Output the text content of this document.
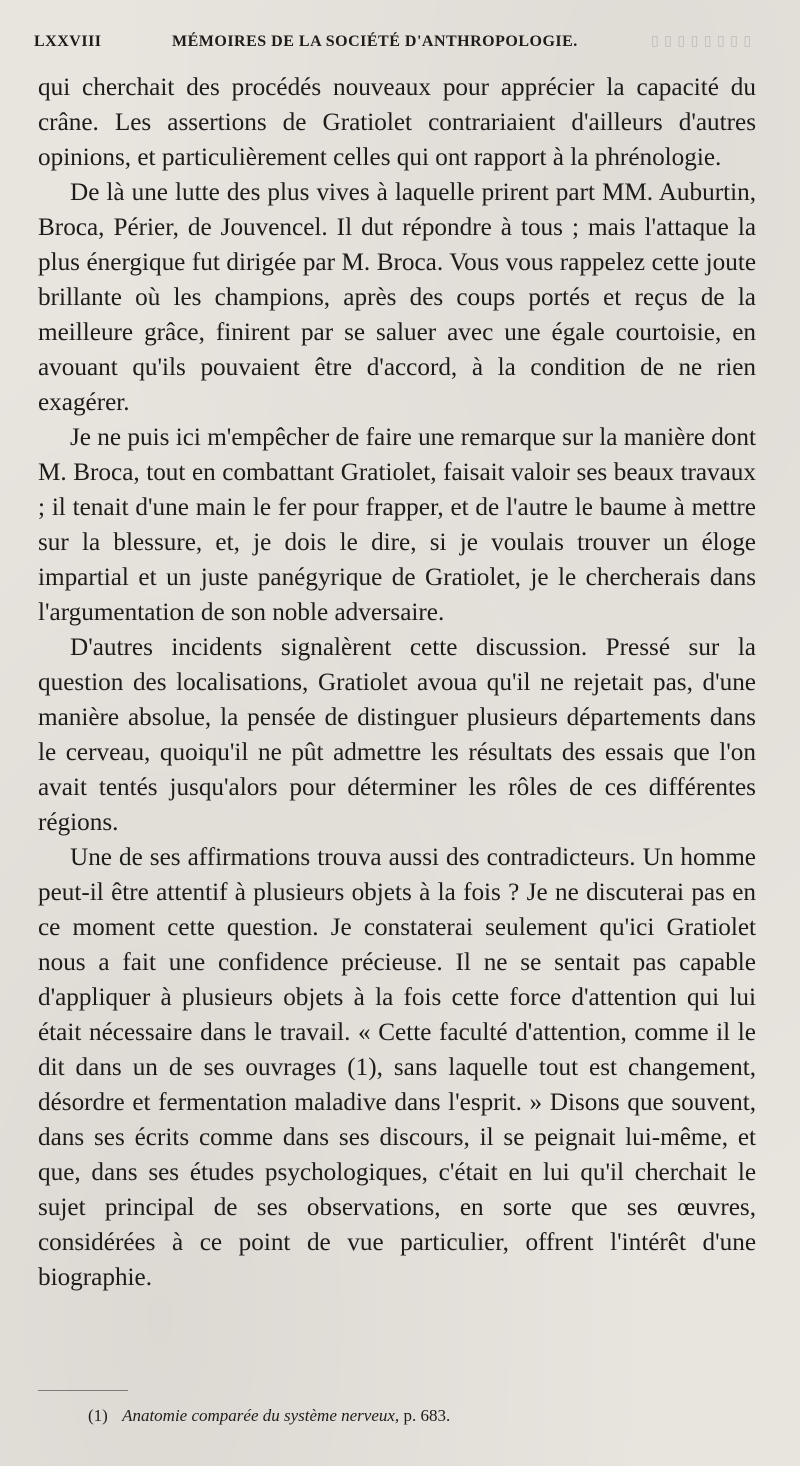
▯ ▯ ▯ ▯ ▯ ▯ ▯ ▯
LXXVIII	MÉMOIRES DE LA SOCIÉTÉ D'ANTHROPOLOGIE.

qui cherchait des procédés nouveaux pour apprécier la capacité du crâne. Les assertions de Gratiolet contrariaient d'ailleurs d'autres opinions, et particulièrement celles qui ont rapport à la phrénologie.

De là une lutte des plus vives à laquelle prirent part MM. Auburtin, Broca, Périer, de Jouvencel. Il dut répondre à tous ; mais l'attaque la plus énergique fut dirigée par M. Broca. Vous vous rappelez cette joute brillante où les champions, après des coups portés et reçus de la meilleure grâce, finirent par se saluer avec une égale courtoisie, en avouant qu'ils pouvaient être d'accord, à la condition de ne rien exagérer.

Je ne puis ici m'empêcher de faire une remarque sur la manière dont M. Broca, tout en combattant Gratiolet, faisait valoir ses beaux travaux ; il tenait d'une main le fer pour frapper, et de l'autre le baume à mettre sur la blessure, et, je dois le dire, si je voulais trouver un éloge impartial et un juste panégyrique de Gratiolet, je le chercherais dans l'argumentation de son noble adversaire.

D'autres incidents signalèrent cette discussion. Pressé sur la question des localisations, Gratiolet avoua qu'il ne rejetait pas, d'une manière absolue, la pensée de distinguer plusieurs départements dans le cerveau, quoiqu'il ne pût admettre les résultats des essais que l'on avait tentés jusqu'alors pour déterminer les rôles de ces différentes régions.

Une de ses affirmations trouva aussi des contradicteurs. Un homme peut-il être attentif à plusieurs objets à la fois ? Je ne discuterai pas en ce moment cette question. Je constaterai seulement qu'ici Gratiolet nous a fait une confidence précieuse. Il ne se sentait pas capable d'appliquer à plusieurs objets à la fois cette force d'attention qui lui était nécessaire dans le travail. « Cette faculté d'attention, comme il le dit dans un de ses ouvrages (1), sans laquelle tout est changement, désordre et fermentation maladive dans l'esprit. » Disons que souvent, dans ses écrits comme dans ses discours, il se peignait lui-même, et que, dans ses études psychologiques, c'était en lui qu'il cherchait le sujet principal de ses observations, en sorte que ses œuvres, considérées à ce point de vue particulier, offrent l'intérêt d'une biographie.

(1) Anatomie comparée du système nerveux, p. 683.
